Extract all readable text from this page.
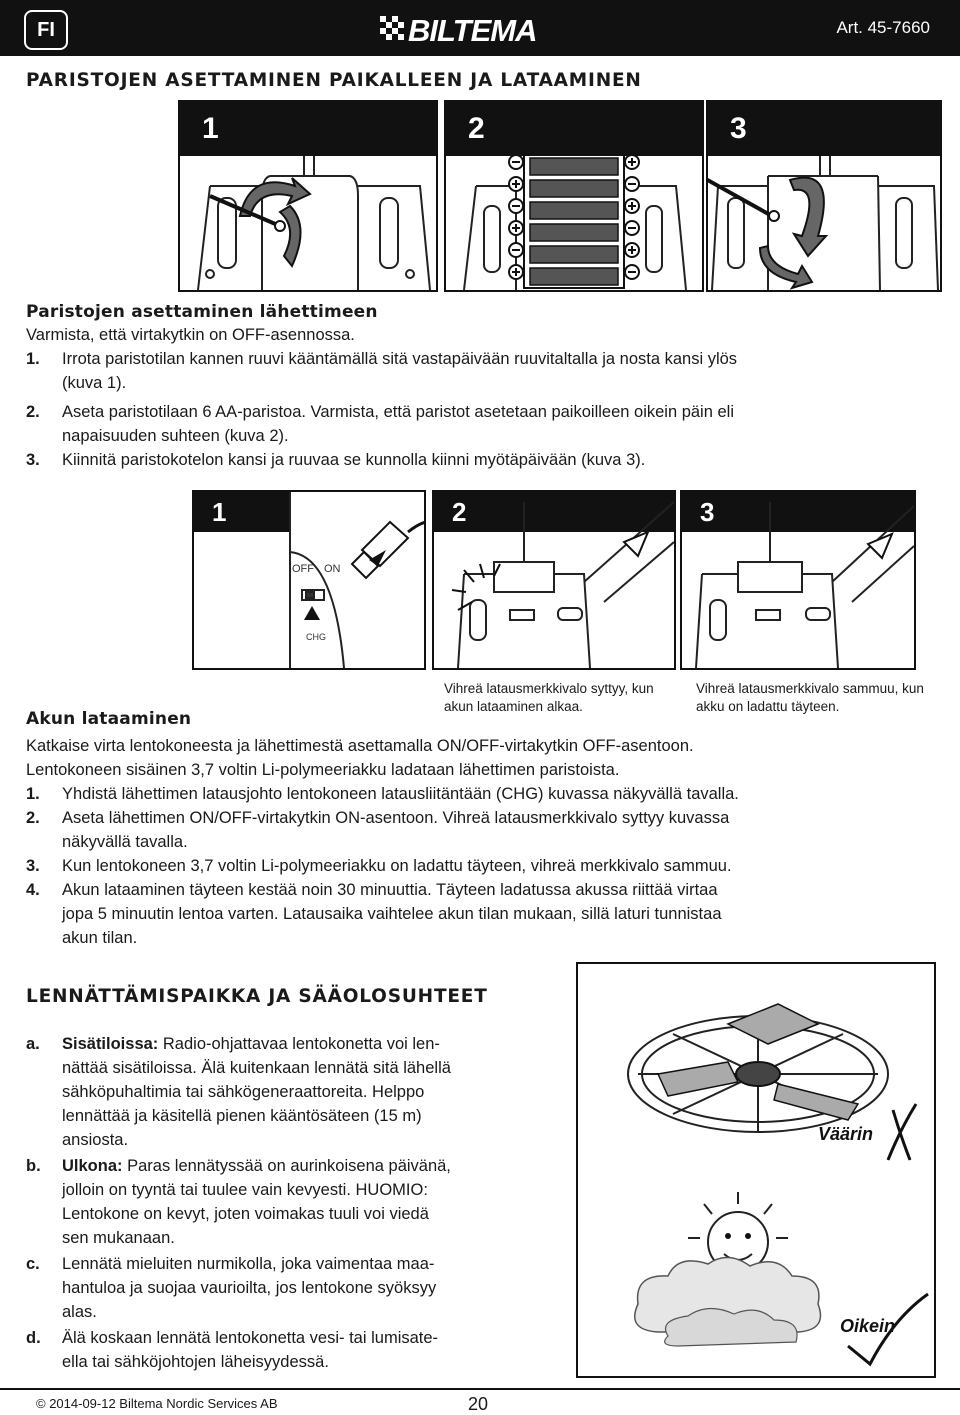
FI	BILTEMA	Art. 45-7660
PARISTOJEN ASETTAMINEN PAIKALLEEN JA LATAAMINEN
1	2	3
Paristojen asettaminen lähettimeen
Varmista, että virtakytkin on OFF-asennossa.
1. Irrota paristotilan kannen ruuvi kääntämällä sitä vastapäivään ruuvitaltalla ja nosta kansi ylös
(kuva 1).
2. Aseta paristotilaan 6 AA-paristoa. Varmista, että paristot asetetaan paikoilleen oikein päin eli
napaisuuden suhteen (kuva 2).
3. Kiinnitä paristokotelon kansi ja ruuvaa se kunnolla kiinni myötäpäivään (kuva 3).
1
OFF ON
CHG
2	3
Vihreä latausmerkkivalo syttyy, kun
akun lataaminen alkaa.
Vihreä latausmerkkivalo sammuu, kun
akku on ladattu täyteen.
Akun lataaminen
Katkaise virta lentokoneesta ja lähettimestä asettamalla ON/OFF-virtakytkin OFF-asentoon.
Lentokoneen sisäinen 3,7 voltin Li-polymeeriakku ladataan lähettimen paristoista.
1. Yhdistä lähettimen latausjohto lentokoneen latausliitäntään (CHG) kuvassa näkyvällä tavalla.
2. Aseta lähettimen ON/OFF-virtakytkin ON-asentoon. Vihreä latausmerkkivalo syttyy kuvassa
näkyvällä tavalla.
3. Kun lentokoneen 3,7 voltin Li-polymeeriakku on ladattu täyteen, vihreä merkkivalo sammuu.
4. Akun lataaminen täyteen kestää noin 30 minuuttia. Täyteen ladatussa akussa riittää virtaa
jopa 5 minuutin lentoa varten. Latausaika vaihtelee akun tilan mukaan, sillä laturi tunnistaa
akun tilan.
LENNÄTTÄMISPAIKKA JA SÄÄOLOSUHTEET
a. Sisätiloissa: Radio-ohjattavaa lentokonetta voi len-
nättää sisätiloissa. Älä kuitenkaan lennätä sitä lähellä
sähköpuhaltimia tai sähkögeneraattoreita. Helppo
lennättää ja käsitellä pienen kääntösäteen (15 m)
ansiosta.
b. Ulkona: Paras lennätyssää on aurinkoisena päivänä,
jolloin on tyyntä tai tuulee vain kevyesti. HUOMIO:
Lentokone on kevyt, joten voimakas tuuli voi viedä
sen mukanaan.
c. Lennätä mieluiten nurmikolla, joka vaimentaa maa-
hantuloa ja suojaa vaurioilta, jos lentokone syöksyy
alas.
d. Älä koskaan lennätä lentokonetta vesi- tai lumisate-
ella tai sähköjohtojen läheisyydessä.
Väärin
Oikein
© 2014-09-12 Biltema Nordic Services AB	20
